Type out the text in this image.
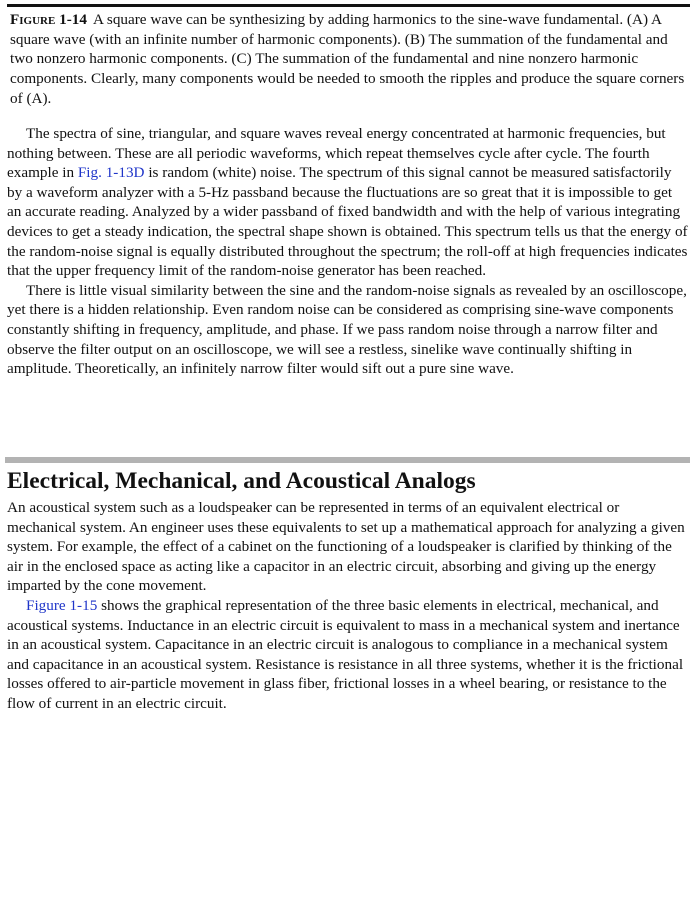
Figure 1-14 A square wave can be synthesizing by adding harmonics to the sine-wave fundamental. (A) A square wave (with an infinite number of harmonic components). (B) The summation of the fundamental and two nonzero harmonic components. (C) The summation of the fundamental and nine nonzero harmonic components. Clearly, many components would be needed to smooth the ripples and produce the square corners of (A).

The spectra of sine, triangular, and square waves reveal energy concentrated at harmonic frequencies, but nothing between. These are all periodic waveforms, which repeat themselves cycle after cycle. The fourth example in Fig. 1-13D is random (white) noise. The spectrum of this signal cannot be measured satisfactorily by a waveform analyzer with a 5-Hz passband because the fluctuations are so great that it is impossible to get an accurate reading. Analyzed by a wider passband of fixed bandwidth and with the help of various integrating devices to get a steady indication, the spectral shape shown is obtained. This spectrum tells us that the energy of the random-noise signal is equally distributed throughout the spectrum; the roll-off at high frequencies indicates that the upper frequency limit of the random-noise generator has been reached.

There is little visual similarity between the sine and the random-noise signals as revealed by an oscilloscope, yet there is a hidden relationship. Even random noise can be considered as comprising sine-wave components constantly shifting in frequency, amplitude, and phase. If we pass random noise through a narrow filter and observe the filter output on an oscilloscope, we will see a restless, sinelike wave continually shifting in amplitude. Theoretically, an infinitely narrow filter would sift out a pure sine wave.

Electrical, Mechanical, and Acoustical Analogs

An acoustical system such as a loudspeaker can be represented in terms of an equivalent electrical or mechanical system. An engineer uses these equivalents to set up a mathematical approach for analyzing a given system. For example, the effect of a cabinet on the functioning of a loudspeaker is clarified by thinking of the air in the enclosed space as acting like a capacitor in an electric circuit, absorbing and giving up the energy imparted by the cone movement.

Figure 1-15 shows the graphical representation of the three basic elements in electrical, mechanical, and acoustical systems. Inductance in an electric circuit is equivalent to mass in a mechanical system and inertance in an acoustical system. Capacitance in an electric circuit is analogous to compliance in a mechanical system and capacitance in an acoustical system. Resistance is resistance in all three systems, whether it is the frictional losses offered to air-particle movement in glass fiber, frictional losses in a wheel bearing, or resistance to the flow of current in an electric circuit.
